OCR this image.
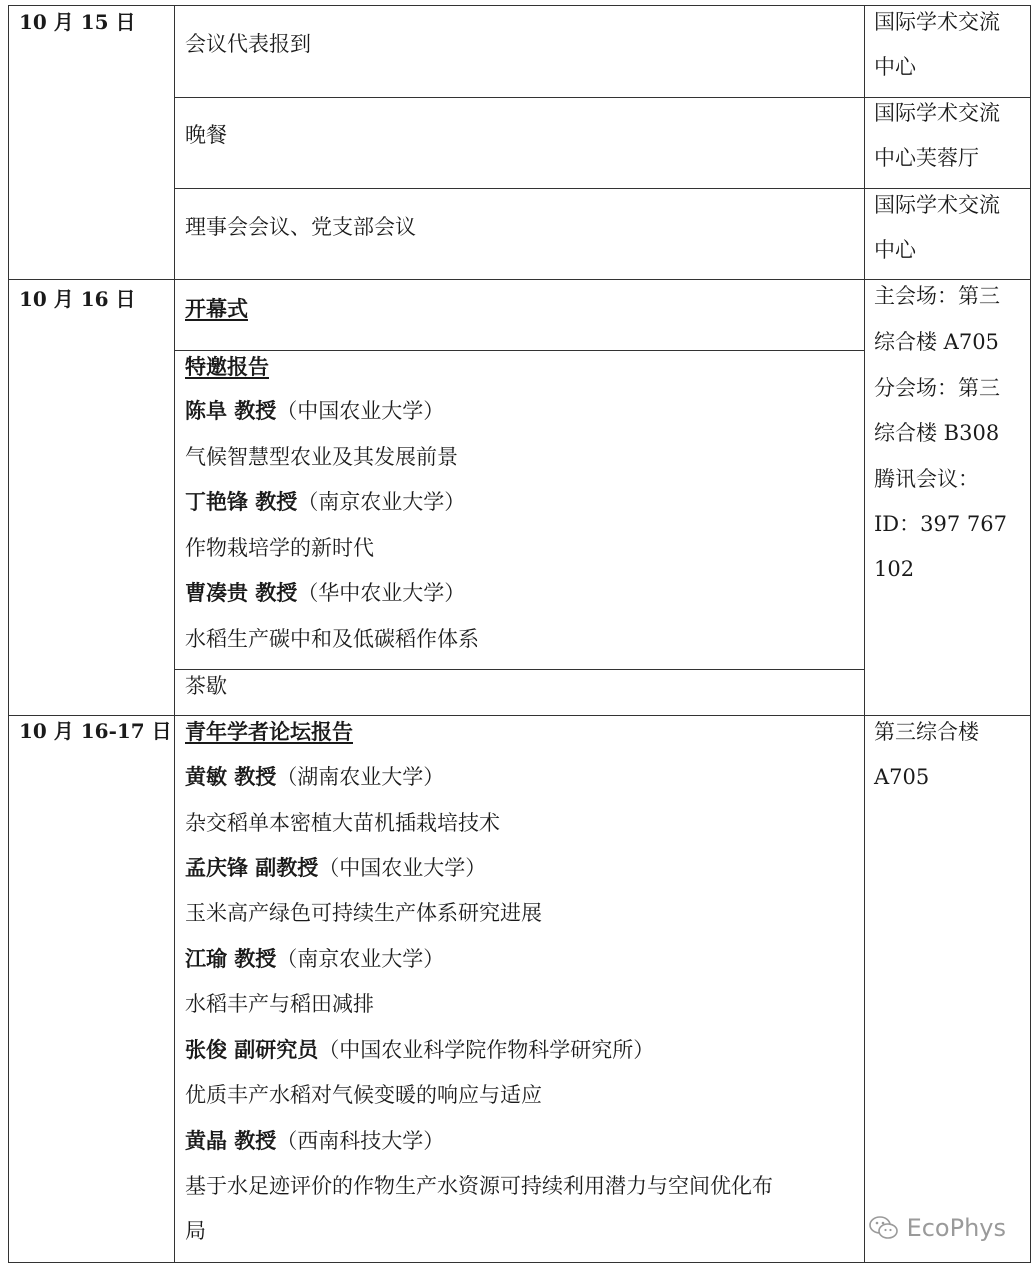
10 月 15 日
会议代表报到
国际学术交流
中心
晚餐
国际学术交流
中心芙蓉厅
理事会会议、党支部会议
国际学术交流
中心
10 月 16 日 开幕式
特邀报告
陈阜 教授（中国农业大学）
气候智慧型农业及其发展前景
丁艳锋 教授（南京农业大学）
作物栽培学的新时代
曹凑贵 教授（华中农业大学）
水稻生产碳中和及低碳稻作体系
茶歇
主会场：第三
综合楼 A705
分会场：第三
综合楼 B308
腾讯会议：
ID：397 767
102
10 月 16-17 日 青年学者论坛报告
黄敏 教授（湖南农业大学）
杂交稻单本密植大苗机插栽培技术
孟庆锋 副教授（中国农业大学）
玉米高产绿色可持续生产体系研究进展
江瑜 教授（南京农业大学）
水稻丰产与稻田减排
张俊 副研究员（中国农业科学院作物科学研究所）
优质丰产水稻对气候变暖的响应与适应
黄晶 教授（西南科技大学）
基于水足迹评价的作物生产水资源可持续利用潜力与空间优化布
局
第三综合楼
A705
EcoPhys
